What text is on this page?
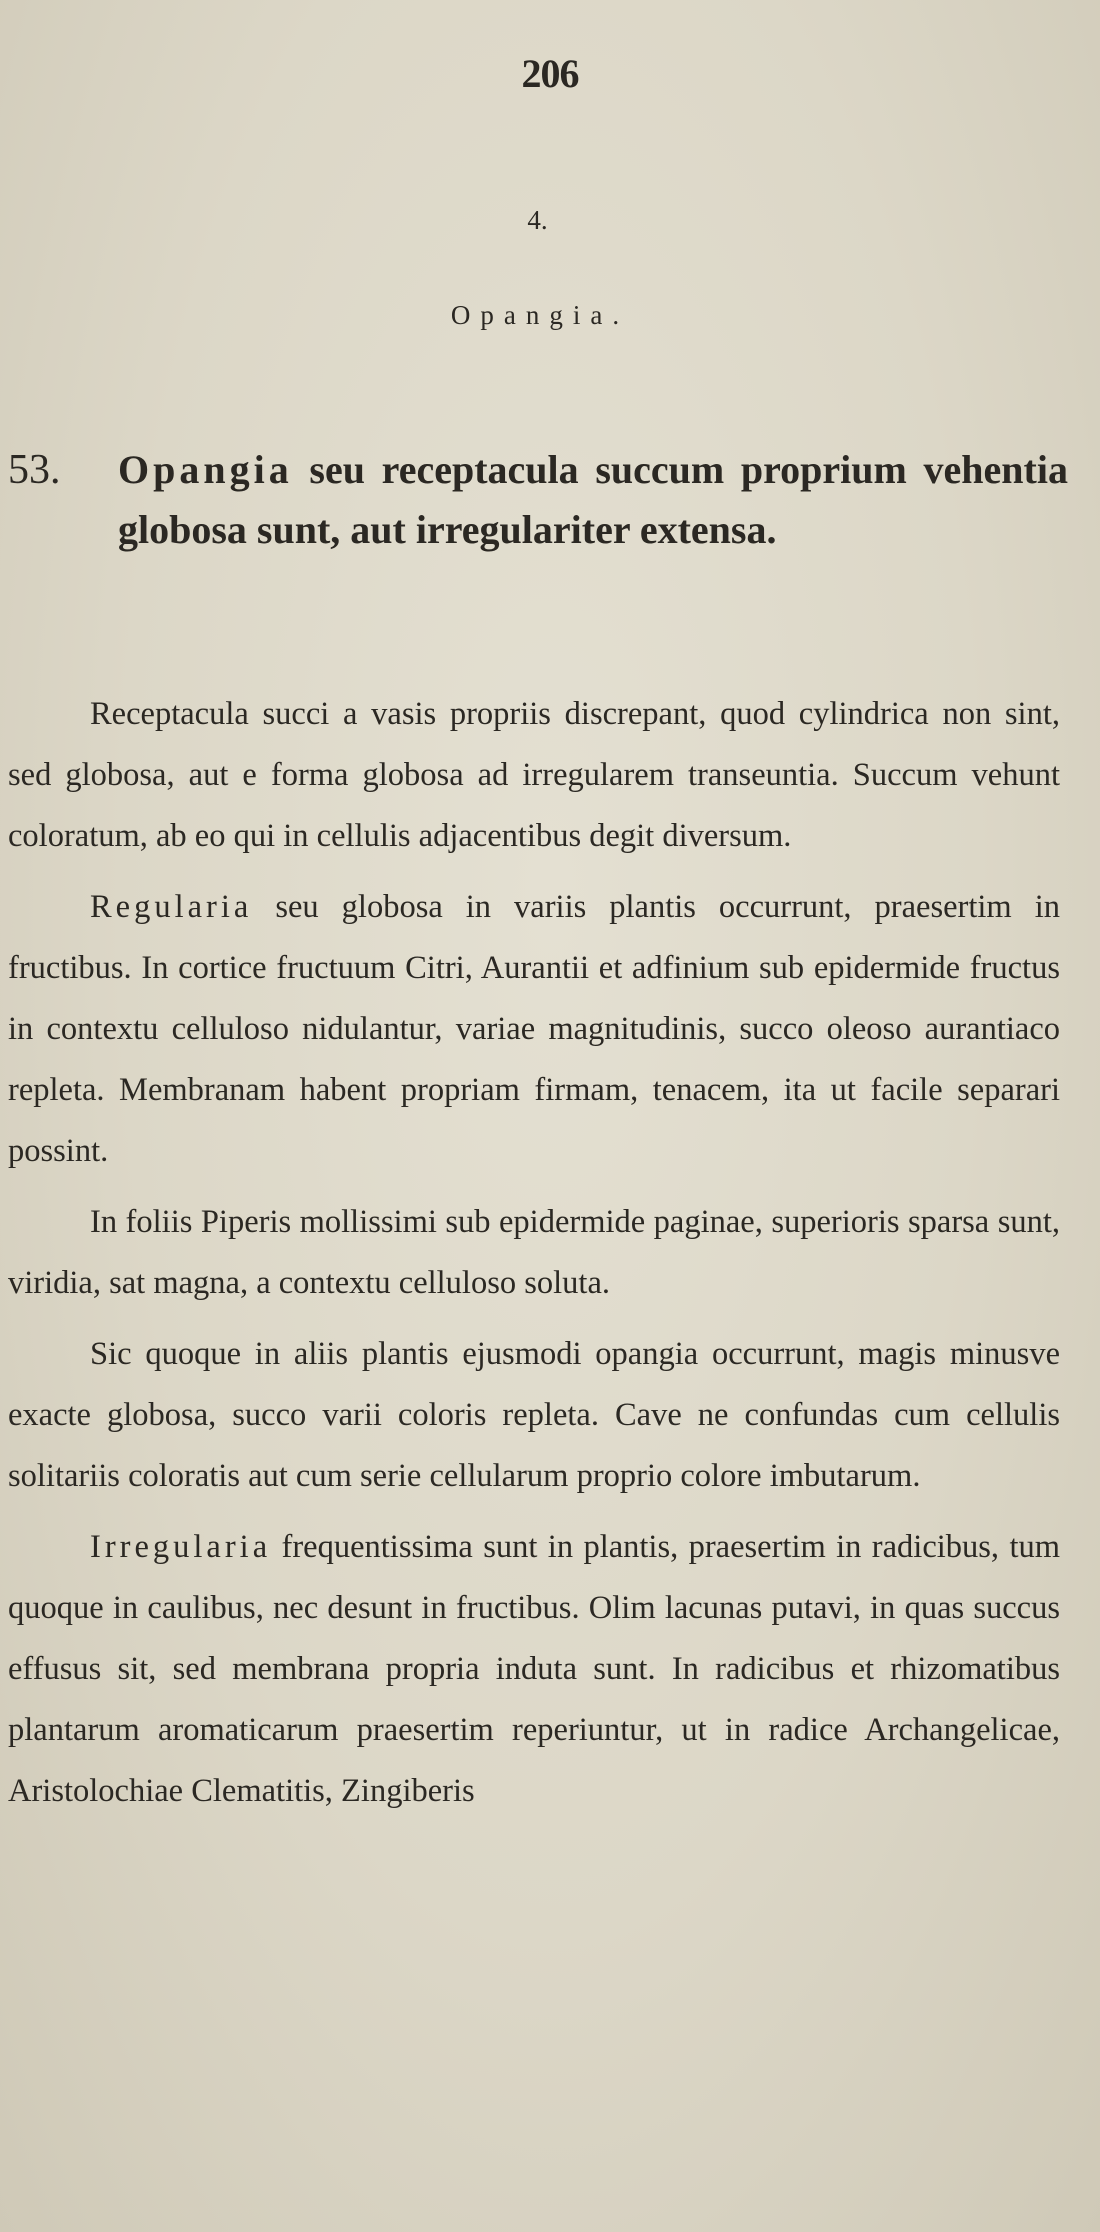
206
4.
Opangia.
53. Opangia seu receptacula succum proprium vehentia globosa sunt, aut irregulariter extensa.

Receptacula succi a vasis propriis discrepant, quod cylindrica non sint, sed globosa, aut e forma globosa ad irregularem transeuntia. Succum vehunt coloratum, ab eo qui in cellulis adjacentibus degit diversum.

Regularia seu globosa in variis plantis occurrunt, praesertim in fructibus. In cortice fructuum Citri, Aurantii et adfinium sub epidermide fructus in contextu celluloso nidulantur, variae magnitudinis, succo oleoso aurantiaco repleta. Membranam habent propriam firmam, tenacem, ita ut facile separari possint.

In foliis Piperis mollissimi sub epidermide paginae, superioris sparsa sunt, viridia, sat magna, a contextu celluloso soluta.

Sic quoque in aliis plantis ejusmodi opangia occurrunt, magis minusve exacte globosa, succo varii coloris repleta. Cave ne confundas cum cellulis solitariis coloratis aut cum serie cellularum proprio colore imbutarum.

Irregularia frequentissima sunt in plantis, praesertim in radicibus, tum quoque in caulibus, nec desunt in fructibus. Olim lacunas putavi, in quas succus effusus sit, sed membrana propria induta sunt. In radicibus et rhizomatibus plantarum aromaticarum praesertim reperiuntur, ut in radice Archangelicae, Aristolochiae Clematitis, Zingiberis
